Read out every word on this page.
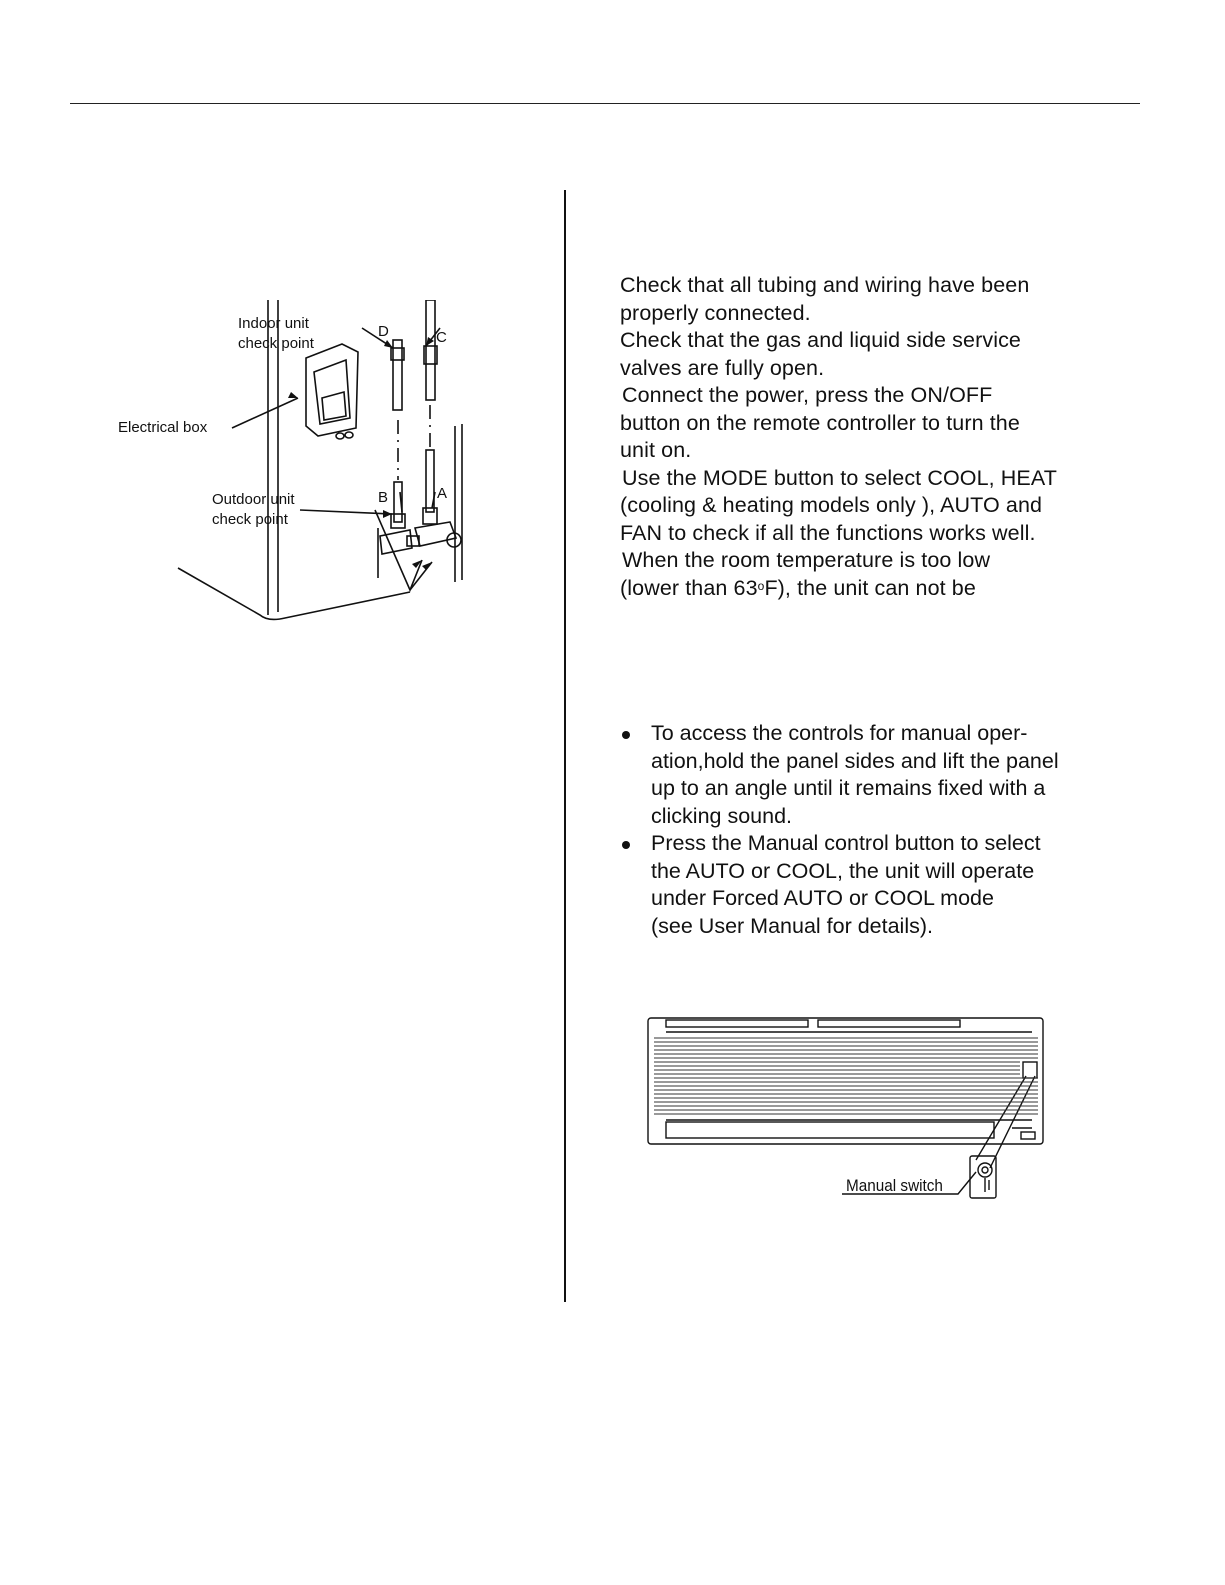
Indoor unit
check point
D	C
Electrical box
Outdoor unit
check point
B	A
Check that all tubing and wiring have been
properly connected.
Check that the gas and liquid side service
valves are fully open.
Connect the power, press the ON/OFF
button on the remote controller to turn the
unit on.
Use the MODE button to select COOL, HEAT
(cooling & heating models only ), AUTO and
FAN to check if all the functions works well.
When the room temperature is too low
(lower than 63$^o$F), the unit can not be
To access the controls for manual oper-
ation,hold the panel sides and lift the panel
up to an angle until it remains fixed with a
clicking sound.
Press the Manual control button to select
the AUTO or COOL, the unit will operate
under Forced AUTO or COOL mode
(see User Manual for details).
Manual switch
